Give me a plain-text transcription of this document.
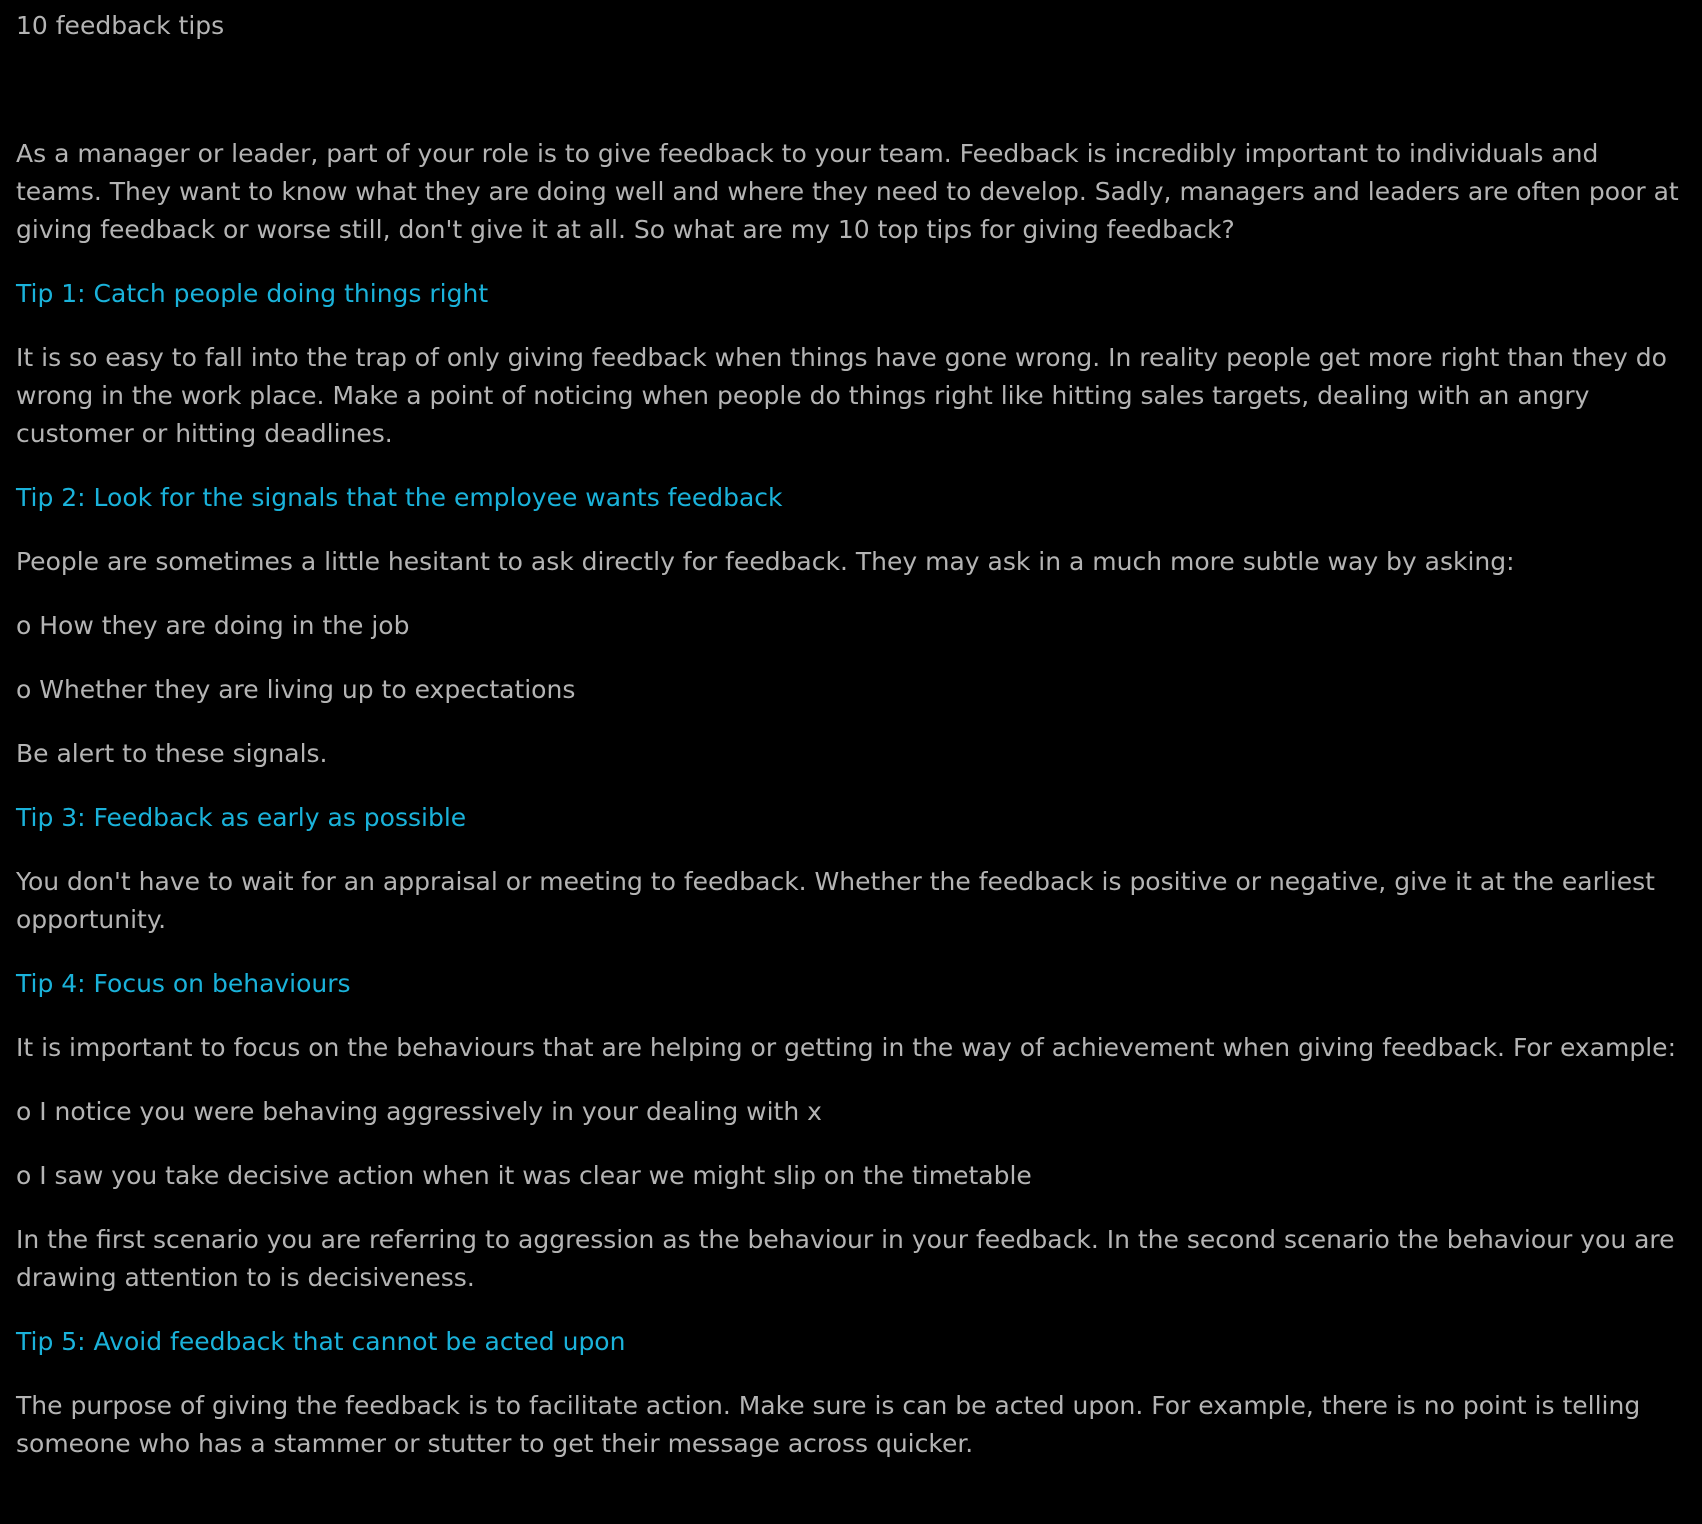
10 feedback tips

As a manager or leader, part of your role is to give feedback to your team. Feedback is incredibly important to individuals and teams. They want to know what they are doing well and where they need to develop. Sadly, managers and leaders are often poor at giving feedback or worse still, don't give it at all. So what are my 10 top tips for giving feedback?

Tip 1: Catch people doing things right

It is so easy to fall into the trap of only giving feedback when things have gone wrong. In reality people get more right than they do wrong in the work place. Make a point of noticing when people do things right like hitting sales targets, dealing with an angry customer or hitting deadlines.

Tip 2: Look for the signals that the employee wants feedback

People are sometimes a little hesitant to ask directly for feedback. They may ask in a much more subtle way by asking:

o How they are doing in the job

o Whether they are living up to expectations

Be alert to these signals.

Tip 3: Feedback as early as possible

You don't have to wait for an appraisal or meeting to feedback. Whether the feedback is positive or negative, give it at the earliest opportunity.

Tip 4: Focus on behaviours

It is important to focus on the behaviours that are helping or getting in the way of achievement when giving feedback. For example:

o I notice you were behaving aggressively in your dealing with x

o I saw you take decisive action when it was clear we might slip on the timetable

In the first scenario you are referring to aggression as the behaviour in your feedback. In the second scenario the behaviour you are drawing attention to is decisiveness.

Tip 5: Avoid feedback that cannot be acted upon

The purpose of giving the feedback is to facilitate action. Make sure is can be acted upon. For example, there is no point is telling someone who has a stammer or stutter to get their message across quicker.
